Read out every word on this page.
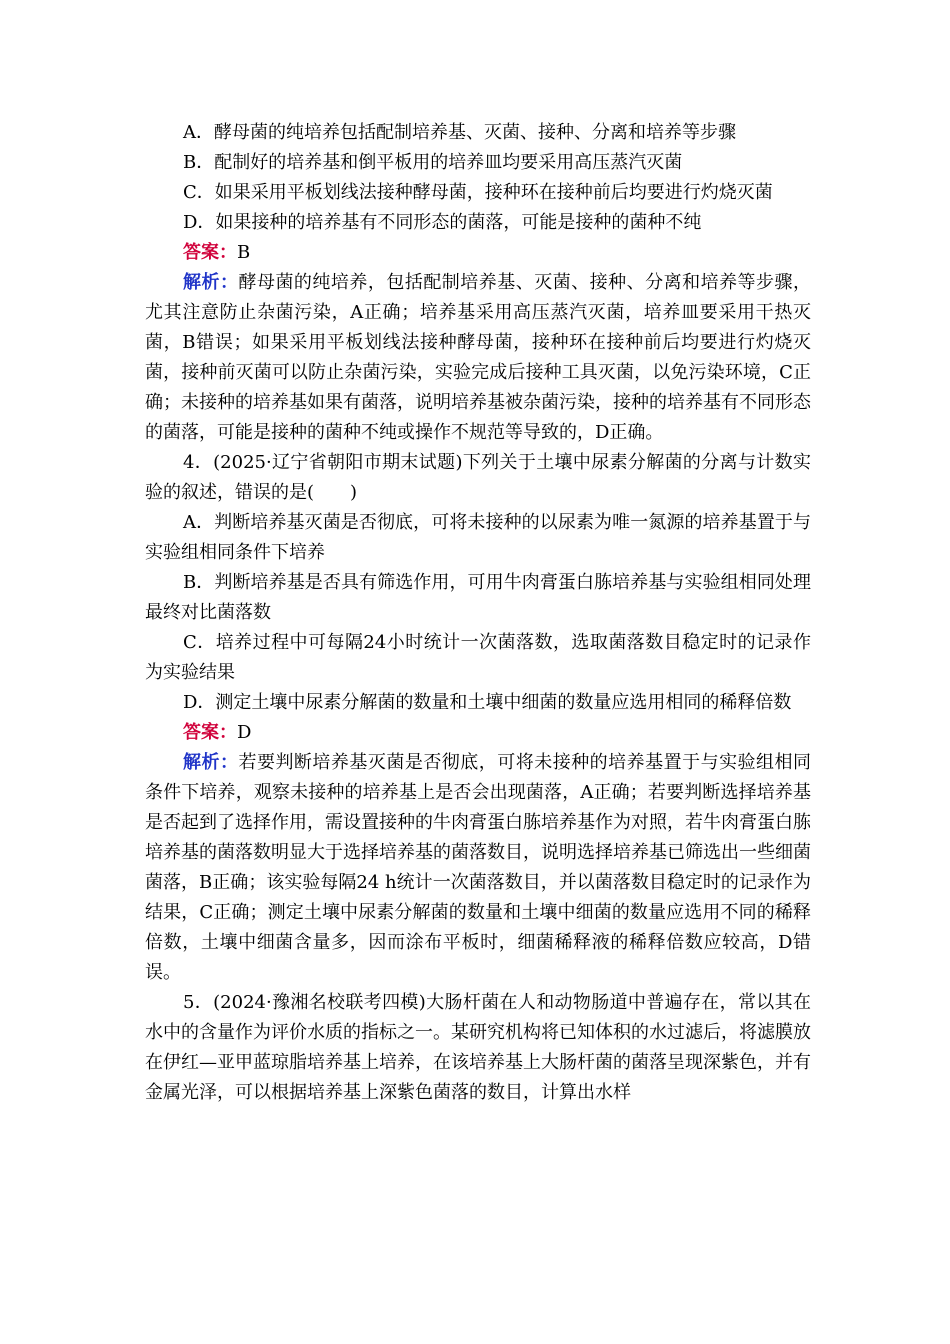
A．酵母菌的纯培养包括配制培养基、灭菌、接种、分离和培养等步骤

B．配制好的培养基和倒平板用的培养皿均要采用高压蒸汽灭菌

C．如果采用平板划线法接种酵母菌，接种环在接种前后均要进行灼烧灭菌

D．如果接种的培养基有不同形态的菌落，可能是接种的菌种不纯

答案：B

解析：酵母菌的纯培养，包括配制培养基、灭菌、接种、分离和培养等步骤，尤其注意防止杂菌污染，A正确；培养基采用高压蒸汽灭菌，培养皿要采用干热灭菌，B错误；如果采用平板划线法接种酵母菌，接种环在接种前后均要进行灼烧灭菌，接种前灭菌可以防止杂菌污染，实验完成后接种工具灭菌，以免污染环境，C正确；未接种的培养基如果有菌落，说明培养基被杂菌污染，接种的培养基有不同形态的菌落，可能是接种的菌种不纯或操作不规范等导致的，D正确。

4．(2025·辽宁省朝阳市期末试题)下列关于土壤中尿素分解菌的分离与计数实验的叙述，错误的是(　　)

A．判断培养基灭菌是否彻底，可将未接种的以尿素为唯一氮源的培养基置于与实验组相同条件下培养

B．判断培养基是否具有筛选作用，可用牛肉膏蛋白胨培养基与实验组相同处理最终对比菌落数

C．培养过程中可每隔24小时统计一次菌落数，选取菌落数目稳定时的记录作为实验结果

D．测定土壤中尿素分解菌的数量和土壤中细菌的数量应选用相同的稀释倍数

答案：D

解析：若要判断培养基灭菌是否彻底，可将未接种的培养基置于与实验组相同条件下培养，观察未接种的培养基上是否会出现菌落，A正确；若要判断选择培养基是否起到了选择作用，需设置接种的牛肉膏蛋白胨培养基作为对照，若牛肉膏蛋白胨培养基的菌落数明显大于选择培养基的菌落数目，说明选择培养基已筛选出一些细菌菌落，B正确；该实验每隔24 h统计一次菌落数目，并以菌落数目稳定时的记录作为结果，C正确；测定土壤中尿素分解菌的数量和土壤中细菌的数量应选用不同的稀释倍数，土壤中细菌含量多，因而涂布平板时，细菌稀释液的稀释倍数应较高，D错误。

5．(2024·豫湘名校联考四模)大肠杆菌在人和动物肠道中普遍存在，常以其在水中的含量作为评价水质的指标之一。某研究机构将已知体积的水过滤后，将滤膜放在伊红—亚甲蓝琼脂培养基上培养，在该培养基上大肠杆菌的菌落呈现深紫色，并有金属光泽，可以根据培养基上深紫色菌落的数目，计算出水样
